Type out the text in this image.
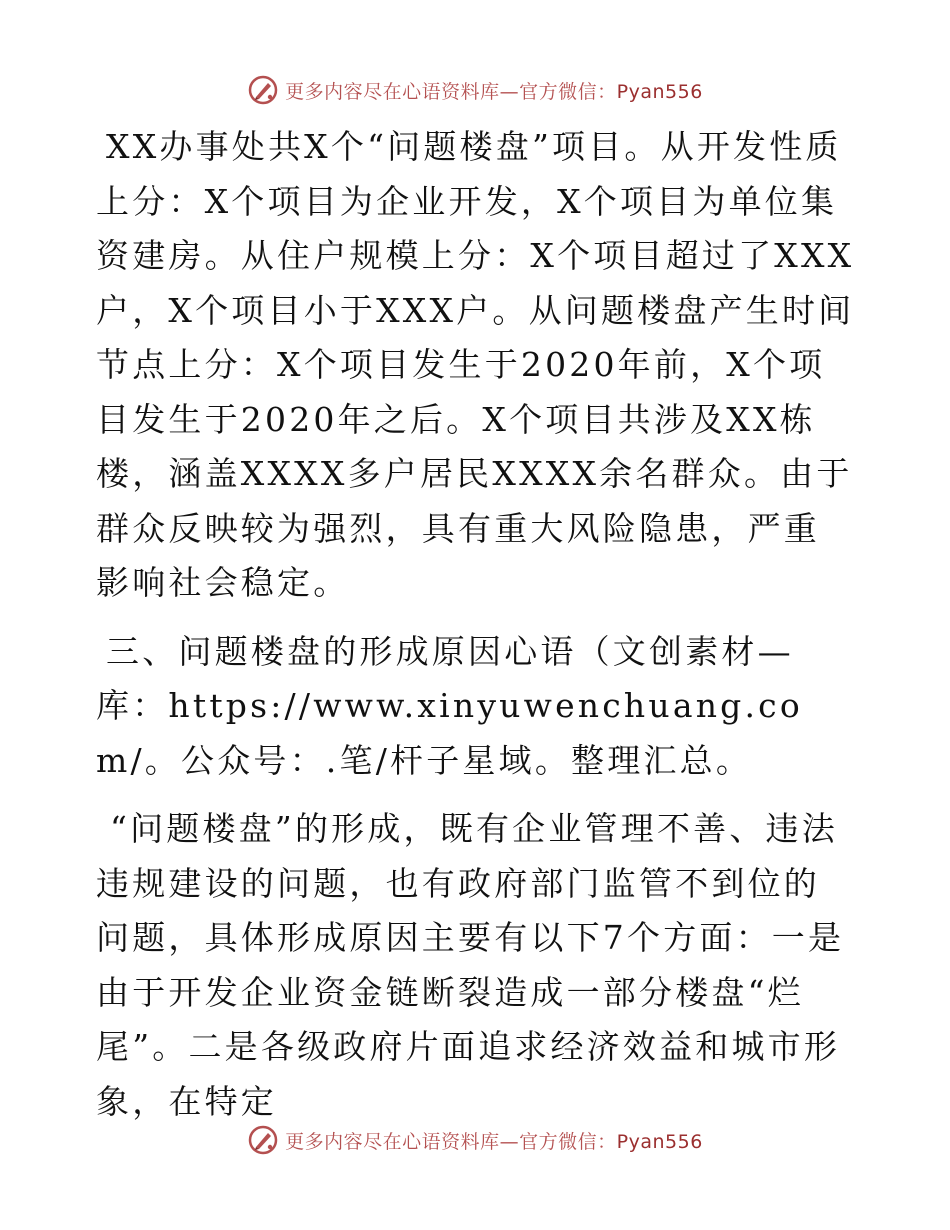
更多内容尽在心语资料库—官方微信：Pyan556

XX办事处共X个“问题楼盘”项目。从开发性质上分：X个项目为企业开发，X个项目为单位集资建房。从住户规模上分：X个项目超过了XXX户，X个项目小于XXX户。从问题楼盘产生时间节点上分：X个项目发生于2020年前，X个项目发生于2020年之后。X个项目共涉及XX栋楼，涵盖XXXX多户居民XXXX余名群众。由于群众反映较为强烈，具有重大风险隐患，严重影响社会稳定。

三、问题楼盘的形成原因心语（文创素材—库：https://www.xinyuwenchuang.com/。公众号：.笔/杆子星域。整理汇总。

“问题楼盘”的形成，既有企业管理不善、违法违规建设的问题，也有政府部门监管不到位的问题，具体形成原因主要有以下7个方面：一是由于开发企业资金链断裂造成一部分楼盘“烂尾”。二是各级政府片面追求经济效益和城市形象，在特定

更多内容尽在心语资料库—官方微信：Pyan556
